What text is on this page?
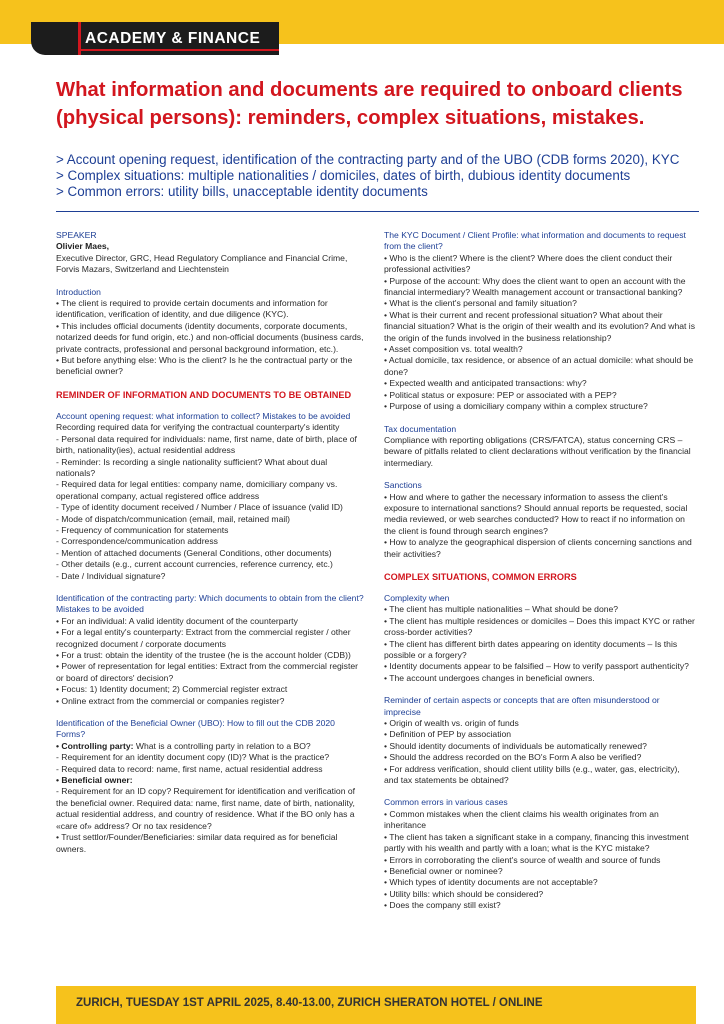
ACADEMY & FINANCE
What information and documents are required to onboard clients (physical persons): reminders, complex situations, mistakes.

> Account opening request, identification of the contracting party and of the UBO (CDB forms 2020), KYC

> Complex situations: multiple nationalities / domiciles, dates of birth, dubious identity documents

> Common errors: utility bills, unacceptable identity documents

SPEAKER

Olivier Maes,

Executive Director, GRC, Head Regulatory Compliance and Financial Crime, Forvis Mazars, Switzerland and Liechtenstein

Introduction

• The client is required to provide certain documents and information for identification, verification of identity, and due diligence (KYC).

• This includes official documents (identity documents, corporate documents, notarized deeds for fund origin, etc.) and non-official documents (business cards, private contracts, professional and personal background information, etc.).

• But before anything else: Who is the client? Is he the contractual party or the beneficial owner?

REMINDER OF INFORMATION AND DOCUMENTS TO BE OBTAINED

Account opening request: what information to collect? Mistakes to be avoided

Recording required data for verifying the contractual counterparty's identity

- Personal data required for individuals: name, first name, date of birth, place of birth, nationality(ies), actual residential address

- Reminder: Is recording a single nationality sufficient? What about dual nationals?

- Required data for legal entities: company name, domiciliary company vs. operational company, actual registered office address

- Type of identity document received / Number / Place of issuance (valid ID)

- Mode of dispatch/communication (email, mail, retained mail)

- Frequency of communication for statements

- Correspondence/communication address

- Mention of attached documents (General Conditions, other documents)

- Other details (e.g., current account currencies, reference currency, etc.)

- Date / Individual signature?

Identification of the contracting party: Which documents to obtain from the client? Mistakes to be avoided

• For an individual: A valid identity document of the counterparty

• For a legal entity's counterparty: Extract from the commercial register / other recognized document / corporate documents

• For a trust: obtain the identity of the trustee (he is the account holder (CDB))

• Power of representation for legal entities: Extract from the commercial register or board of directors' decision?

• Focus: 1) Identity document; 2) Commercial register extract

• Online extract from the commercial or companies register?

Identification of the Beneficial Owner (UBO): How to fill out the CDB 2020 Forms?

• Controlling party: What is a controlling party in relation to a BO?

- Requirement for an identity document copy (ID)? What is the practice?

- Required data to record: name, first name, actual residential address

• Beneficial owner:

- Requirement for an ID copy? Requirement for identification and verification of the beneficial owner. Required data: name, first name, date of birth, nationality, actual residential address, and country of residence. What if the BO only has a «care of» address? Or no tax residence?

• Trust settlor/Founder/Beneficiaries: similar data required as for beneficial owners.

The KYC Document / Client Profile: what information and documents to request from the client?

• Who is the client? Where is the client? Where does the client conduct their professional activities?

• Purpose of the account: Why does the client want to open an account with the financial intermediary? Wealth management account or transactional banking?

• What is the client's personal and family situation?

• What is their current and recent professional situation? What about their financial situation? What is the origin of their wealth and its evolution? And what is the origin of the funds involved in the business relationship?

• Asset composition vs. total wealth?

• Actual domicile, tax residence, or absence of an actual domicile: what should be done?

• Expected wealth and anticipated transactions: why?

• Political status or exposure: PEP or associated with a PEP?

• Purpose of using a domiciliary company within a complex structure?

Tax documentation

Compliance with reporting obligations (CRS/FATCA), status concerning CRS – beware of pitfalls related to client declarations without verification by the financial intermediary.

Sanctions

• How and where to gather the necessary information to assess the client's exposure to international sanctions? Should annual reports be requested, social media reviewed, or web searches conducted? How to react if no information on the client is found through search engines?

• How to analyze the geographical dispersion of clients concerning sanctions and their activities?

COMPLEX SITUATIONS, COMMON ERRORS

Complexity when

• The client has multiple nationalities – What should be done?

• The client has multiple residences or domiciles – Does this impact KYC or rather cross-border activities?

• The client has different birth dates appearing on identity documents – Is this possible or a forgery?

• Identity documents appear to be falsified – How to verify passport authenticity?

• The account undergoes changes in beneficial owners.

Reminder of certain aspects or concepts that are often misunderstood or imprecise

• Origin of wealth vs. origin of funds

• Definition of PEP by association

• Should identity documents of individuals be automatically renewed?

• Should the address recorded on the BO's Form A also be verified?

• For address verification, should client utility bills (e.g., water, gas, electricity), and tax statements be obtained?

Common errors in various cases

• Common mistakes when the client claims his wealth originates from an inheritance

• The client has taken a significant stake in a company, financing this investment partly with his wealth and partly with a loan; what is the KYC mistake?

• Errors in corroborating the client's source of wealth and source of funds

• Beneficial owner or nominee?

• Which types of identity documents are not acceptable?

• Utility bills: which should be considered?

• Does the company still exist?

ZURICH, TUESDAY 1ST APRIL 2025, 8.40-13.00, ZURICH SHERATON HOTEL / ONLINE
